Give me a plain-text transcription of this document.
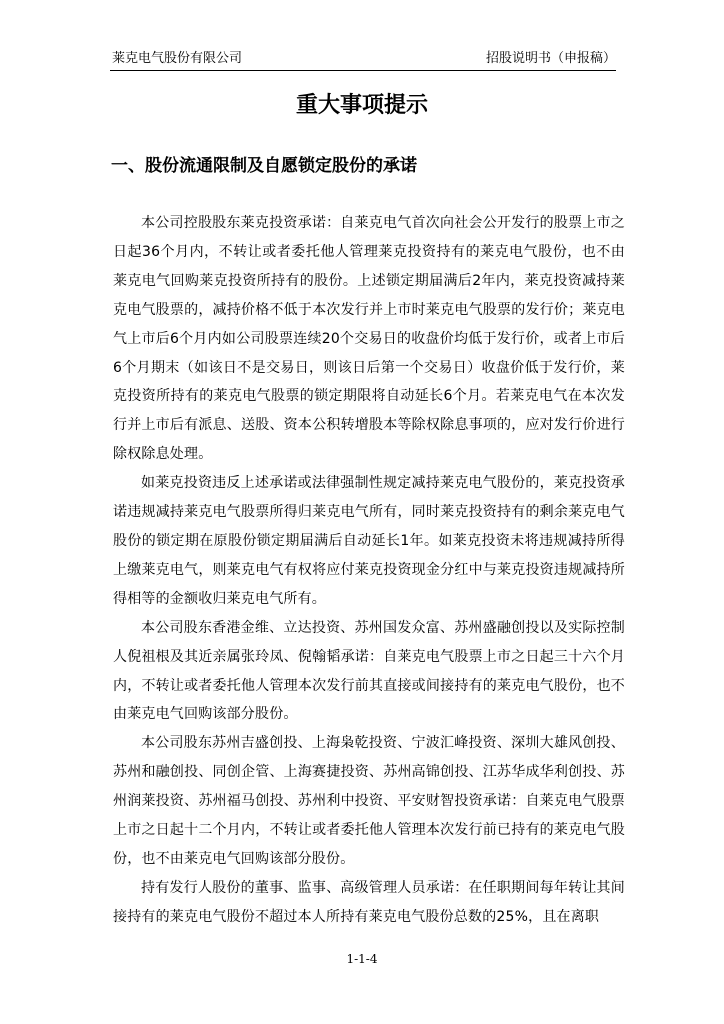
莱克电气股份有限公司	招股说明书（申报稿）
重大事项提示
一、股份流通限制及自愿锁定股份的承诺

本公司控股股东莱克投资承诺：自莱克电气首次向社会公开发行的股票上市之日起36个月内，不转让或者委托他人管理莱克投资持有的莱克电气股份，也不由莱克电气回购莱克投资所持有的股份。上述锁定期届满后2年内，莱克投资减持莱克电气股票的，减持价格不低于本次发行并上市时莱克电气股票的发行价；莱克电气上市后6个月内如公司股票连续20个交易日的收盘价均低于发行价，或者上市后6个月期末（如该日不是交易日，则该日后第一个交易日）收盘价低于发行价，莱克投资所持有的莱克电气股票的锁定期限将自动延长6个月。若莱克电气在本次发行并上市后有派息、送股、资本公积转增股本等除权除息事项的，应对发行价进行除权除息处理。

如莱克投资违反上述承诺或法律强制性规定减持莱克电气股份的，莱克投资承诺违规减持莱克电气股票所得归莱克电气所有，同时莱克投资持有的剩余莱克电气股份的锁定期在原股份锁定期届满后自动延长1年。如莱克投资未将违规减持所得上缴莱克电气，则莱克电气有权将应付莱克投资现金分红中与莱克投资违规减持所得相等的金额收归莱克电气所有。

本公司股东香港金维、立达投资、苏州国发众富、苏州盛融创投以及实际控制人倪祖根及其近亲属张玲凤、倪翰韬承诺：自莱克电气股票上市之日起三十六个月内，不转让或者委托他人管理本次发行前其直接或间接持有的莱克电气股份，也不由莱克电气回购该部分股份。

本公司股东苏州吉盛创投、上海枭乾投资、宁波汇峰投资、深圳大雄风创投、苏州和融创投、同创企管、上海赛捷投资、苏州高锦创投、江苏华成华利创投、苏州润莱投资、苏州福马创投、苏州利中投资、平安财智投资承诺：自莱克电气股票上市之日起十二个月内，不转让或者委托他人管理本次发行前已持有的莱克电气股份，也不由莱克电气回购该部分股份。

持有发行人股份的董事、监事、高级管理人员承诺：在任职期间每年转让其间接持有的莱克电气股份不超过本人所持有莱克电气股份总数的25%，且在离职

1-1-4
